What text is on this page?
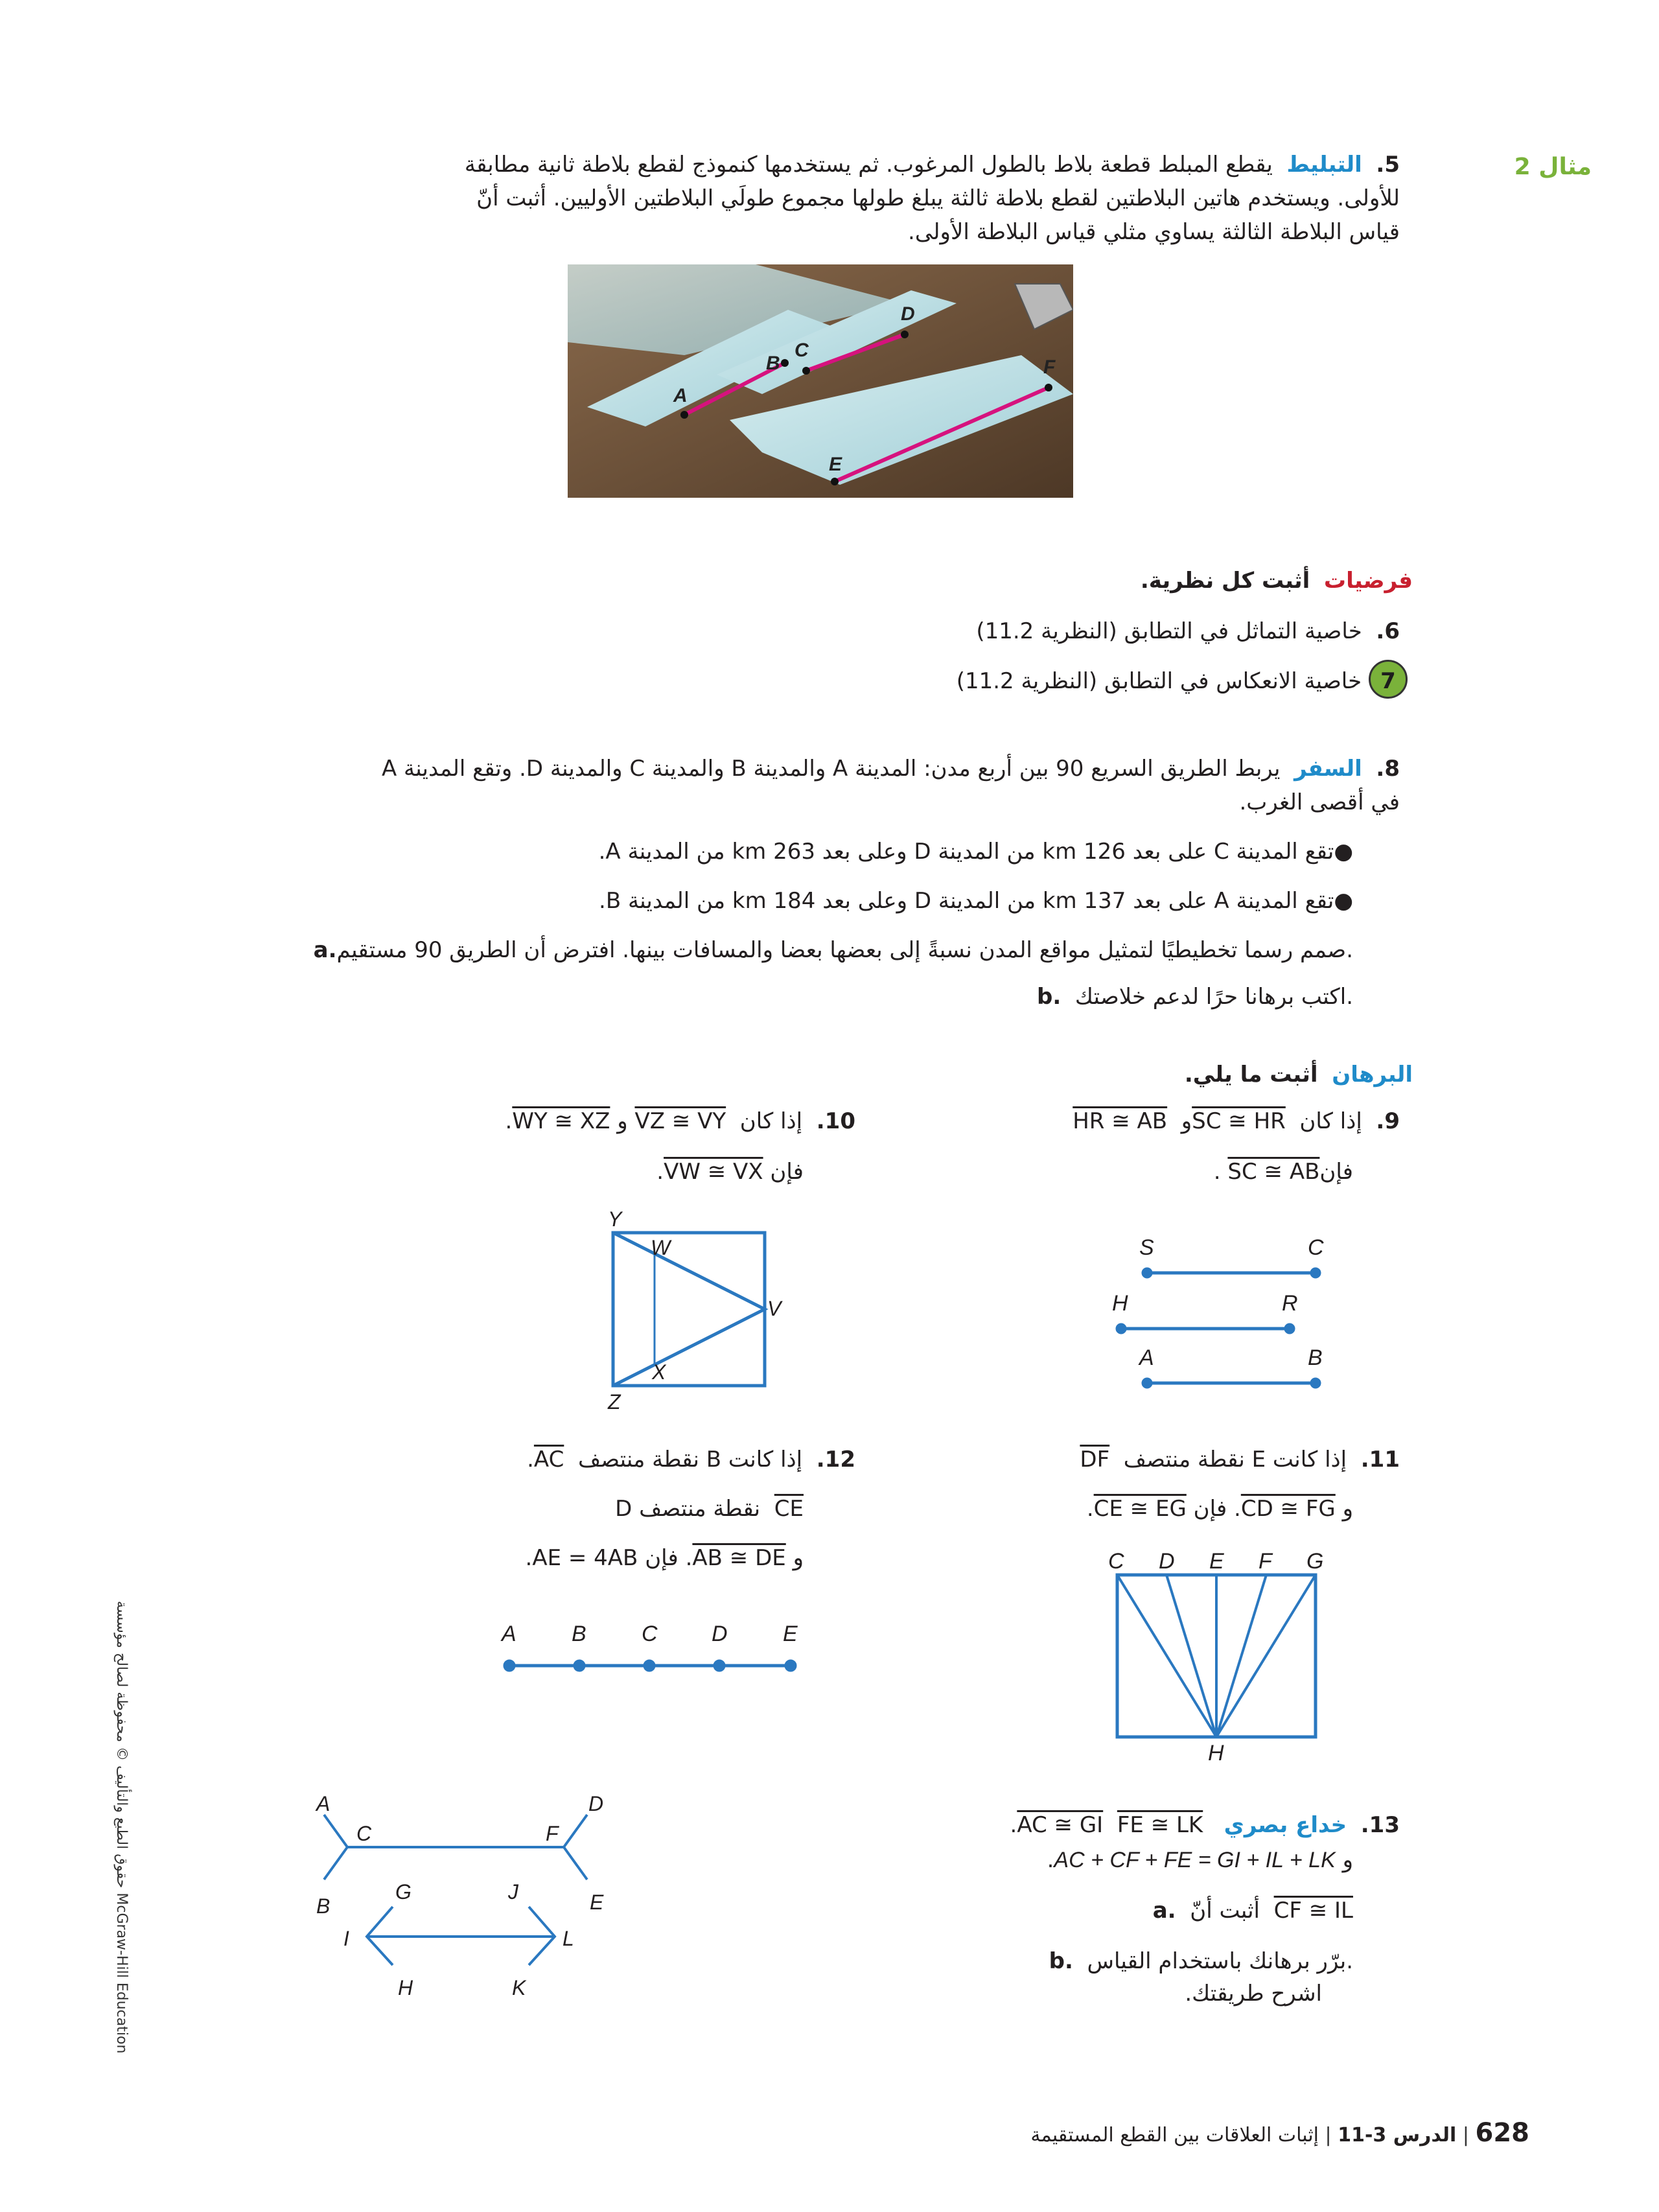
مثال 2
5.  التبليط  يقطع المبلط قطعة بلاط بالطول المرغوب. ثم يستخدمها كنموذج لقطع بلاطة ثانية مطابقة
للأولى. ويستخدم هاتين البلاطتين لقطع بلاطة ثالثة يبلغ طولها مجموع طولَي البلاطتين الأوليين. أثبت أنّ
قياس البلاطة الثالثة يساوي مثلي قياس البلاطة الأولى.
A
B
C
D
E
F
فرضيات  أثبت كل نظرية.
6.  خاصية التماثل في التطابق (النظرية 11.2)
7 خاصية الانعكاس في التطابق (النظرية 11.2)
8.  السفر  يربط الطريق السريع 90 بين أربع مدن: المدينة A والمدينة B والمدينة C والمدينة D. وتقع المدينة A
في أقصى الغرب.
●تقع المدينة C على بعد 126 km من المدينة D وعلى بعد 263 km من المدينة A.
●تقع المدينة A على بعد 137 km من المدينة D وعلى بعد 184 km من المدينة B.
a.صمم رسما تخطيطيًا لتمثيل مواقع المدن نسبةً إلى بعضها بعضا والمسافات بينها. افترض أن الطريق 90 مستقيم.
b. اكتب برهانا حرًا لدعم خلاصتك.
البرهان  أثبت ما يلي.
9.  إذا كان  SC ≅ HRو  HR ≅ AB
فإنSC ≅ AB .
S	C
H	R
A	B
10.  إذا كان  VZ ≅ VY و WY ≅ XZ.
فإن VW ≅ VX.
Y
W
V
X
Z
11.  إذا كانت E نقطة منتصف  DF
و CD ≅ FG. فإن CE ≅ EG.
C D E F G
H
12.  إذا كانت B نقطة منتصف  AC.
D نقطة منتصف CE
و AB ≅ DE. فإن AE = 4AB.
A	B	C D	E
13.  خداع بصري   AC ≅ GI FE ≅ LK.
و AC + CF + FE = GI + IL + LK.
a. أثبت أنّ CF ≅ IL
b. برّر برهانك باستخدام القياس.
اشرح طريقتك.
A
C
B
D
F
E
G	J
I	L
H	K
حقوق الطبع والتأليف © محفوظة لصالح مؤسسة McGraw-Hill Education
628 | الدرس 3-11 | إثبات العلاقات بين القطع المستقيمة
